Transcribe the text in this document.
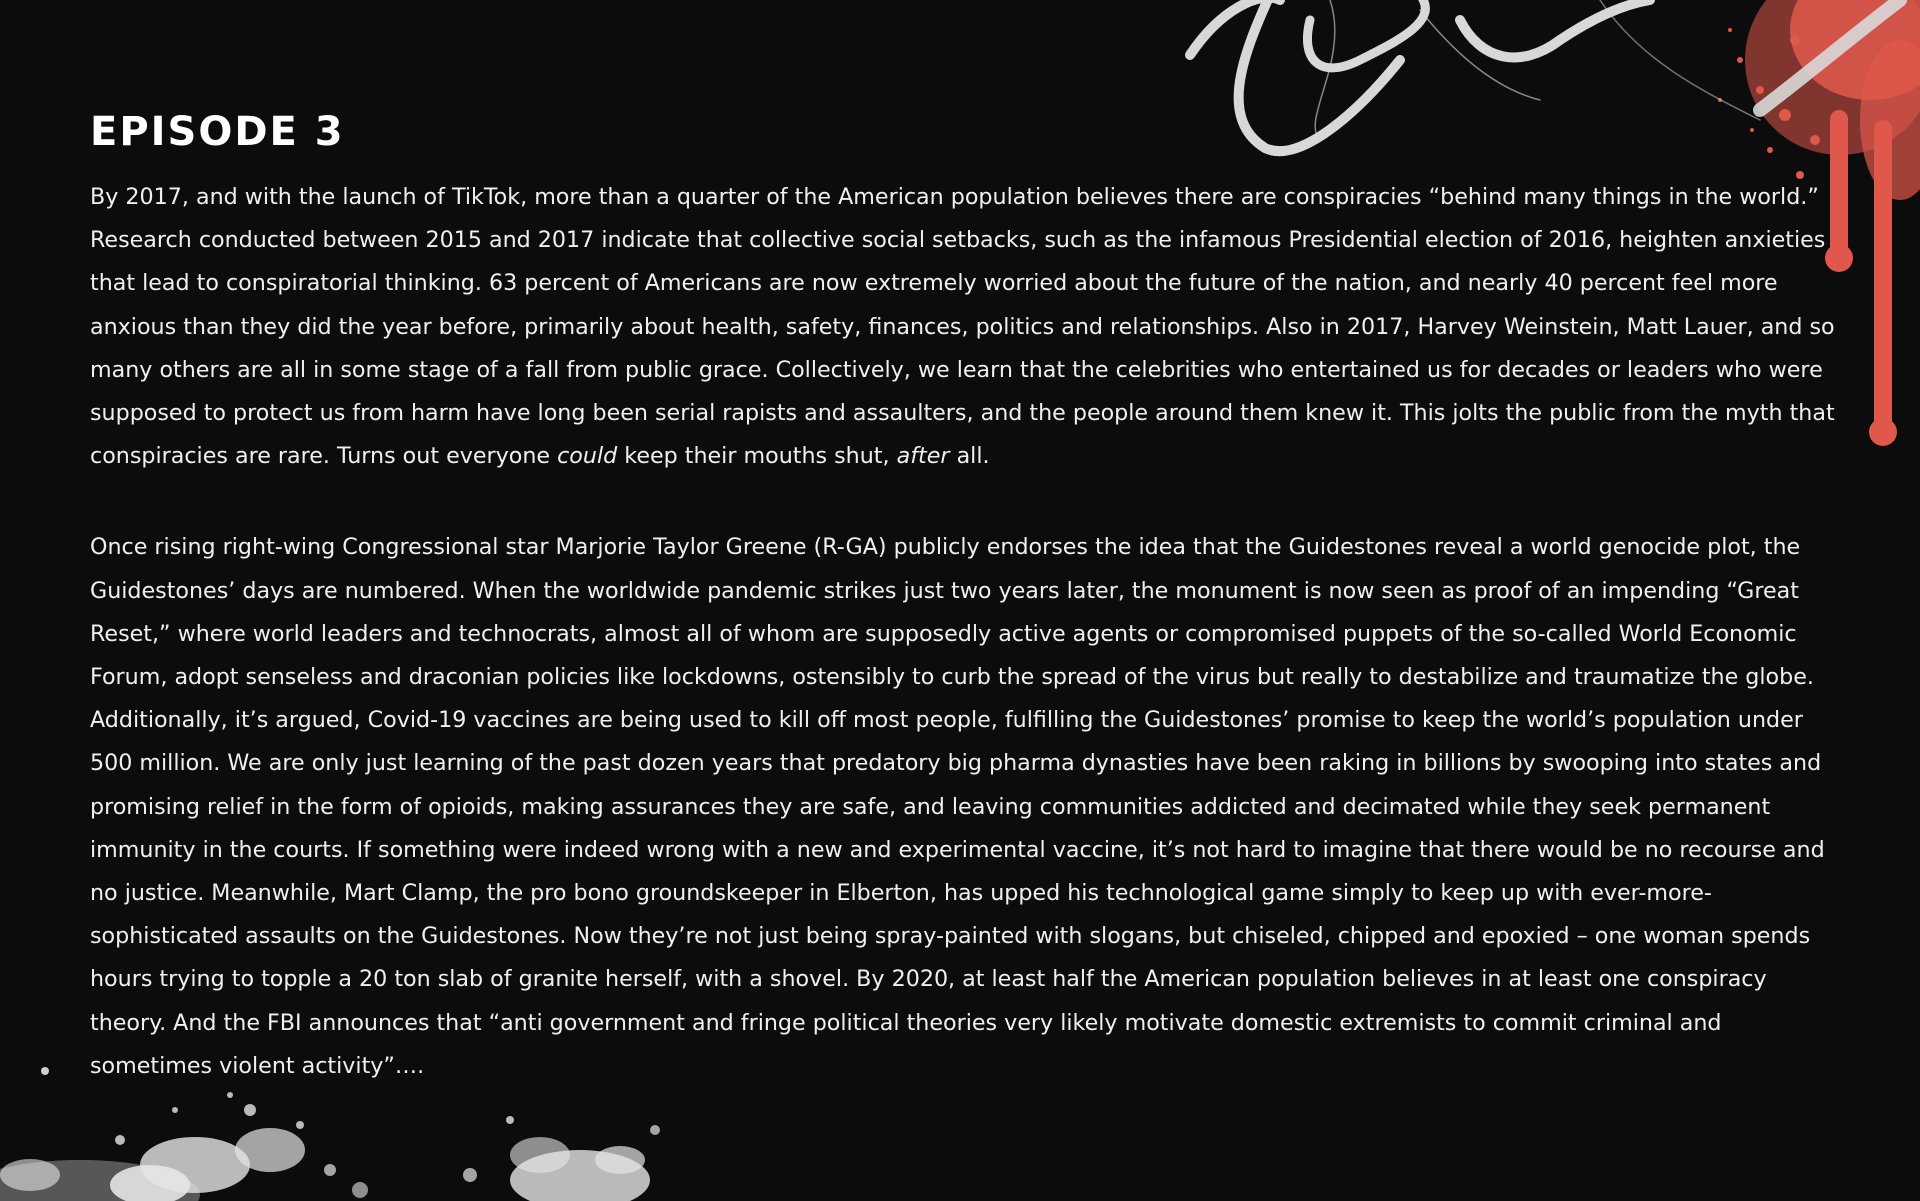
EPISODE 3

By 2017, and with the launch of TikTok, more than a quarter of the American population believes there are conspiracies “behind many things in the world.” Research conducted between 2015 and 2017 indicate that collective social setbacks, such as the infamous Presidential election of 2016, heighten anxieties that lead to conspiratorial thinking. 63 percent of Americans are now extremely worried about the future of the nation, and nearly 40 percent feel more anxious than they did the year before, primarily about health, safety, finances, politics and relationships. Also in 2017, Harvey Weinstein, Matt Lauer, and so many others are all in some stage of a fall from public grace. Collectively, we learn that the celebrities who entertained us for decades or leaders who were supposed to protect us from harm have long been serial rapists and assaulters, and the people around them knew it. This jolts the public from the myth that conspiracies are rare. Turns out everyone could keep their mouths shut, after all.

Once rising right-wing Congressional star Marjorie Taylor Greene (R-GA) publicly endorses the idea that the Guidestones reveal a world genocide plot, the Guidestones’ days are numbered. When the worldwide pandemic strikes just two years later, the monument is now seen as proof of an impending “Great Reset,” where world leaders and technocrats, almost all of whom are supposedly active agents or compromised puppets of the so-called World Economic Forum, adopt senseless and draconian policies like lockdowns, ostensibly to curb the spread of the virus but really to destabilize and traumatize the globe. Additionally, it’s argued, Covid-19 vaccines are being used to kill off most people, fulfilling the Guidestones’ promise to keep the world’s population under 500 million. We are only just learning of the past dozen years that predatory big pharma dynasties have been raking in billions by swooping into states and promising relief in the form of opioids, making assurances they are safe, and leaving communities addicted and decimated while they seek permanent immunity in the courts. If something were indeed wrong with a new and experimental vaccine, it’s not hard to imagine that there would be no recourse and no justice. Meanwhile, Mart Clamp, the pro bono groundskeeper in Elberton, has upped his technological game simply to keep up with ever-more-sophisticated assaults on the Guidestones. Now they’re not just being spray-painted with slogans, but chiseled, chipped and epoxied – one woman spends hours trying to topple a 20 ton slab of granite herself, with a shovel. By 2020, at least half the American population believes in at least one conspiracy theory. And the FBI announces that “anti government and fringe political theories very likely motivate domestic extremists to commit criminal and sometimes violent activity”….
